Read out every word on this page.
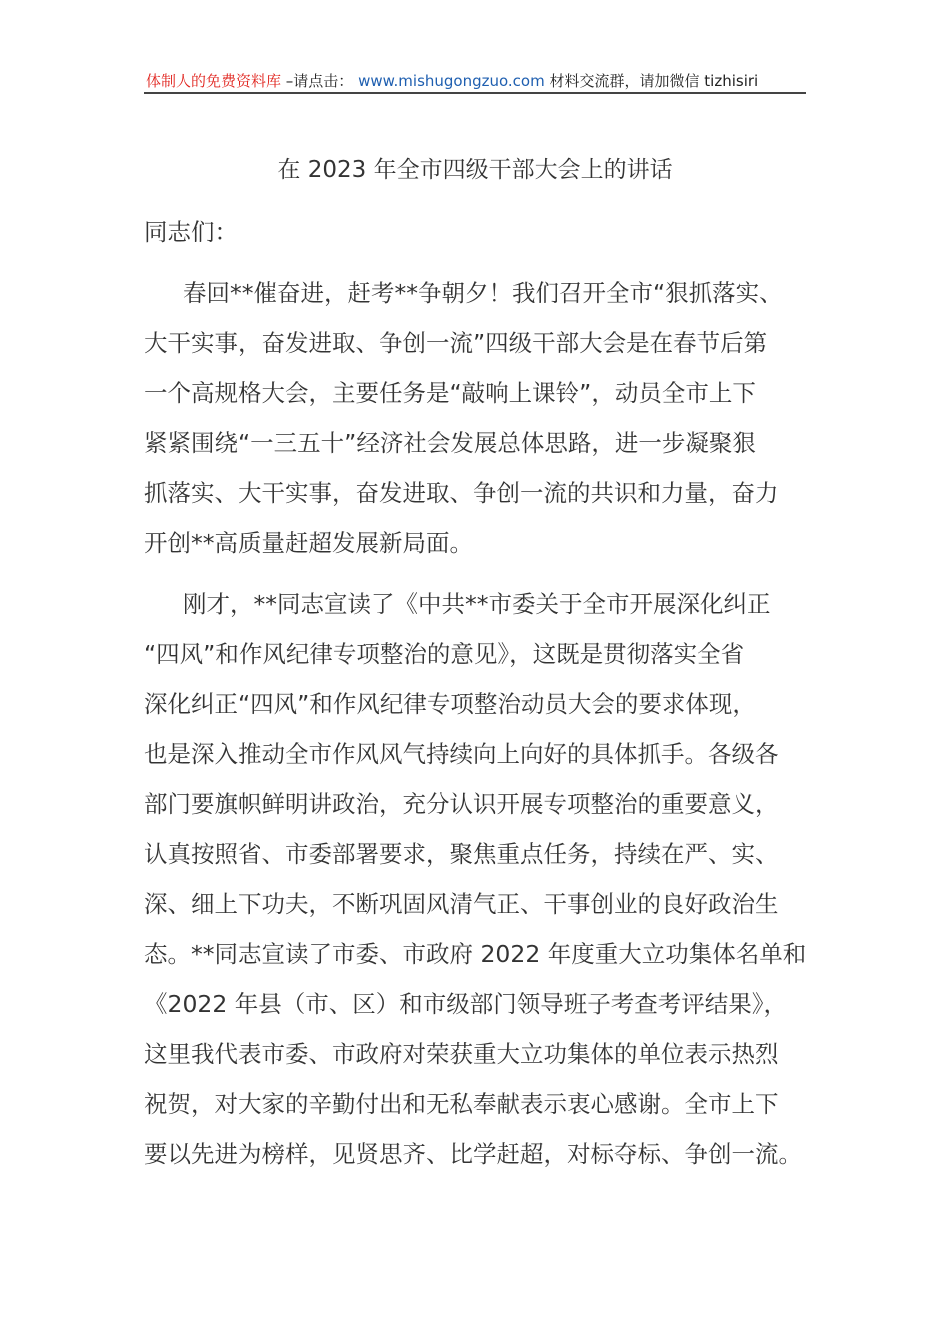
体制人的免费资料库 –请点击： www.mishugongzuo.com 材料交流群，请加微信 tizhisiri
在 2023 年全市四级干部大会上的讲话
同志们：
春回**催奋进，赶考**争朝夕！我们召开全市“狠抓落实、
大干实事，奋发进取、争创一流”四级干部大会是在春节后第
一个高规格大会，主要任务是“敲响上课铃”，动员全市上下
紧紧围绕“一三五十”经济社会发展总体思路，进一步凝聚狠
抓落实、大干实事，奋发进取、争创一流的共识和力量，奋力
开创**高质量赶超发展新局面。
刚才，**同志宣读了《中共**市委关于全市开展深化纠正
“四风”和作风纪律专项整治的意见》，这既是贯彻落实全省
深化纠正“四风”和作风纪律专项整治动员大会的要求体现，
也是深入推动全市作风风气持续向上向好的具体抓手。各级各
部门要旗帜鲜明讲政治，充分认识开展专项整治的重要意义，
认真按照省、市委部署要求，聚焦重点任务，持续在严、实、
深、细上下功夫，不断巩固风清气正、干事创业的良好政治生
态。**同志宣读了市委、市政府 2022 年度重大立功集体名单和
《2022 年县（市、区）和市级部门领导班子考查考评结果》，
这里我代表市委、市政府对荣获重大立功集体的单位表示热烈
祝贺，对大家的辛勤付出和无私奉献表示衷心感谢。全市上下
要以先进为榜样，见贤思齐、比学赶超，对标夺标、争创一流。
